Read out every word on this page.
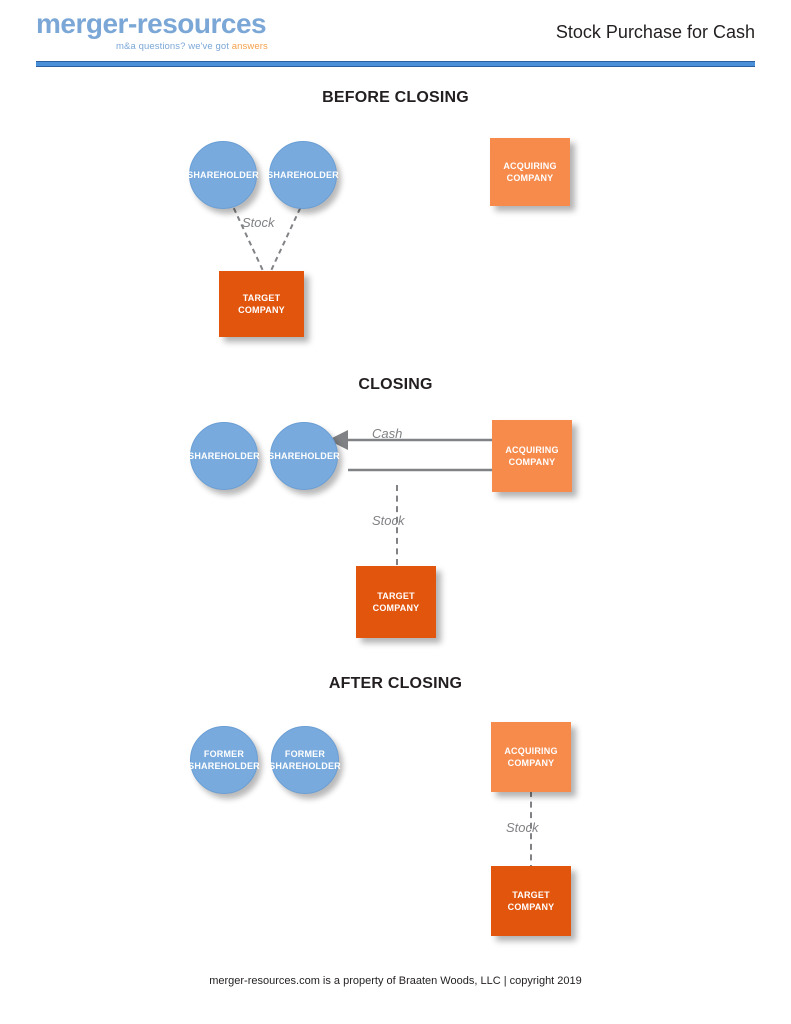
merger-resources
m&a questions? we've got answers
Stock Purchase for Cash
BEFORE CLOSING
Stock
SHAREHOLDER SHAREHOLDER
TARGET
COMPANY
ACQUIRING
COMPANY
CLOSING
Cash
Stock
SHAREHOLDER SHAREHOLDER
ACQUIRING
COMPANY
TARGET
COMPANY
AFTER CLOSING
FORMER
SHAREHOLDER
FORMER
SHAREHOLDER
Stock
ACQUIRING
COMPANY
TARGET
COMPANY
merger-resources.com is a property of Braaten Woods, LLC | copyright 2019
